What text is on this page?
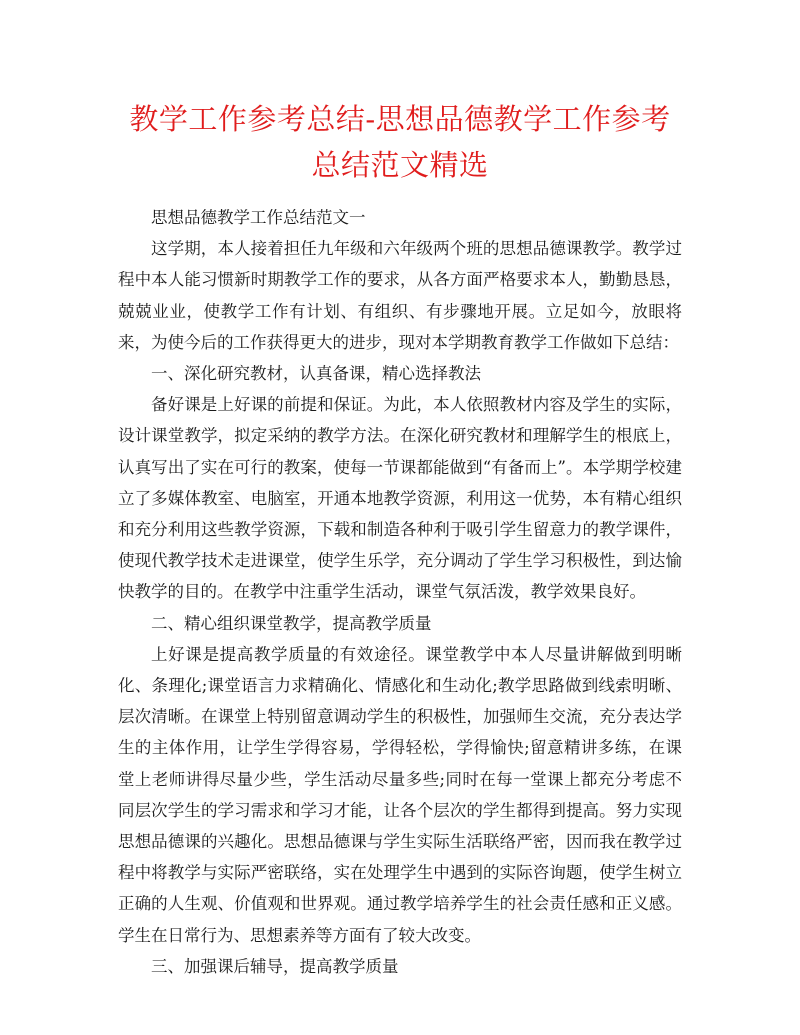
教学工作参考总结-思想品德教学工作参考总结范文精选

思想品德教学工作总结范文一

这学期，本人接着担任九年级和六年级两个班的思想品德课教学。教学过程中本人能习惯新时期教学工作的要求，从各方面严格要求本人，勤勤恳恳，兢兢业业，使教学工作有计划、有组织、有步骤地开展。立足如今，放眼将来，为使今后的工作获得更大的进步，现对本学期教育教学工作做如下总结：

一、深化研究教材，认真备课，精心选择教法

备好课是上好课的前提和保证。为此，本人依照教材内容及学生的实际，设计课堂教学，拟定采纳的教学方法。在深化研究教材和理解学生的根底上，认真写出了实在可行的教案，使每一节课都能做到“有备而上”。本学期学校建立了多媒体教室、电脑室，开通本地教学资源，利用这一优势，本有精心组织和充分利用这些教学资源，下载和制造各种利于吸引学生留意力的教学课件，使现代教学技术走进课堂，使学生乐学，充分调动了学生学习积极性，到达愉快教学的目的。在教学中注重学生活动，课堂气氛活泼，教学效果良好。

二、精心组织课堂教学，提高教学质量

上好课是提高教学质量的有效途径。课堂教学中本人尽量讲解做到明晰化、条理化;课堂语言力求精确化、情感化和生动化;教学思路做到线索明晰、层次清晰。在课堂上特别留意调动学生的积极性，加强师生交流，充分表达学生的主体作用，让学生学得容易，学得轻松，学得愉快;留意精讲多练，在课堂上老师讲得尽量少些，学生活动尽量多些;同时在每一堂课上都充分考虑不同层次学生的学习需求和学习才能，让各个层次的学生都得到提高。努力实现思想品德课的兴趣化。思想品德课与学生实际生活联络严密，因而我在教学过程中将教学与实际严密联络，实在处理学生中遇到的实际咨询题，使学生树立正确的人生观、价值观和世界观。通过教学培养学生的社会责任感和正义感。学生在日常行为、思想素养等方面有了较大改变。

三、加强课后辅导，提高教学质量
